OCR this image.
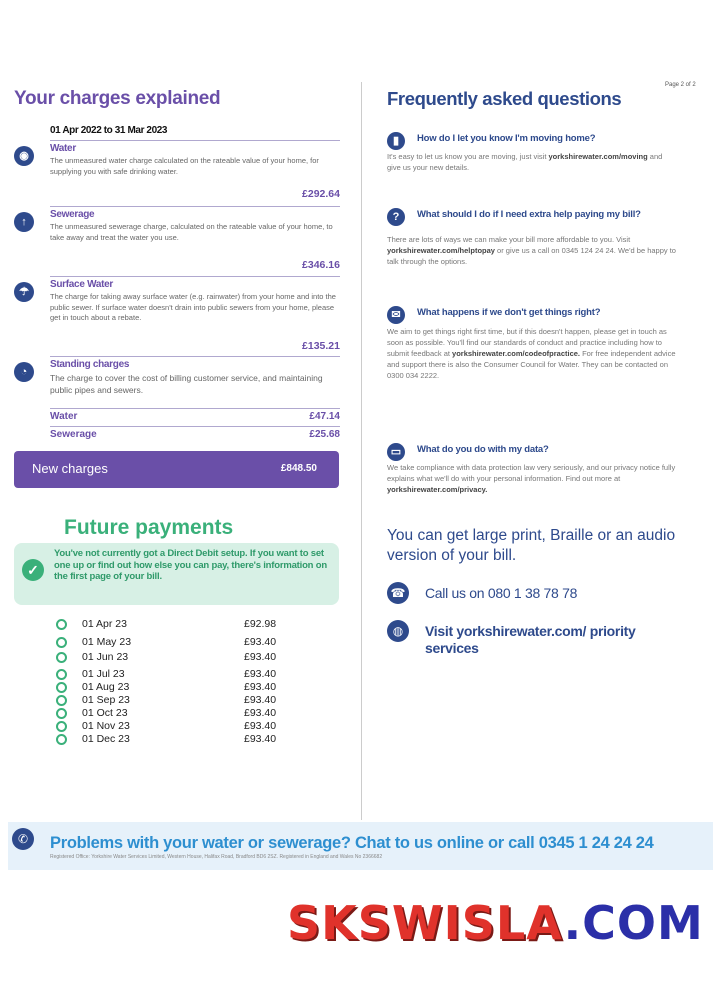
Page 2 of 2
Your charges explained
01 Apr 2022 to 31 Mar 2023
◉
Water
The unmeasured water charge calculated on the rateable value of your home, for supplying you with safe drinking water.
£292.64
↑
Sewerage
The unmeasured sewerage charge, calculated on the rateable value of your home, to take away and treat the water you use.
£346.16
☂
Surface Water
The charge for taking away surface water (e.g. rainwater) from your home and into the public sewer. If surface water doesn't drain into public sewers from your home, please get in touch about a rebate.
£135.21
◔
Standing charges
The charge to cover the cost of billing customer service, and maintaining public pipes and sewers.
Water	£47.14
Sewerage	£25.68
New charges	£848.50
Future payments
✓
You've not currently got a Direct Debit setup. If you want to set one up or find out how else you can pay, there's information on the first page of your bill.
01 Apr 23	£92.98
01 May 23	£93.40
01 Jun 23	£93.40
01 Jul 23	£93.40
01 Aug 23	£93.40
01 Sep 23	£93.40
01 Oct 23	£93.40
01 Nov 23	£93.40
01 Dec 23	£93.40
Frequently asked questions
▮	How do I let you know I'm moving home?
It's easy to let us know you are moving, just visit yorkshirewater.com/moving and give us your new details.
?	What should I do if I need extra help paying my bill?
There are lots of ways we can make your bill more affordable to you. Visit yorkshirewater.com/helptopay or give us a call on 0345 124 24 24. We'd be happy to talk through the options.
✉	What happens if we don't get things right?
We aim to get things right first time, but if this doesn't happen, please get in touch as soon as possible. You'll find our standards of conduct and practice including how to submit feedback at yorkshirewater.com/codeofpractice. For free independent advice and support there is also the Consumer Council for Water. They can be contacted on 0300 034 2222.
▭	What do you do with my data?
We take compliance with data protection law very seriously, and our privacy notice fully explains what we'll do with your personal information. Find out more at yorkshirewater.com/privacy.
You can get large print, Braille or an audio version of your bill.
☎ Call us on 080 1 38 78 78
◍	Visit yorkshirewater.com/ priority services
✆	Problems with your water or sewerage? Chat to us online or call 0345 1 24 24 24
Registered Office: Yorkshire Water Services Limited, Western House, Halifax Road, Bradford BD6 2SZ. Registered in England and Wales No 2366682
SKSWISLA.COM
